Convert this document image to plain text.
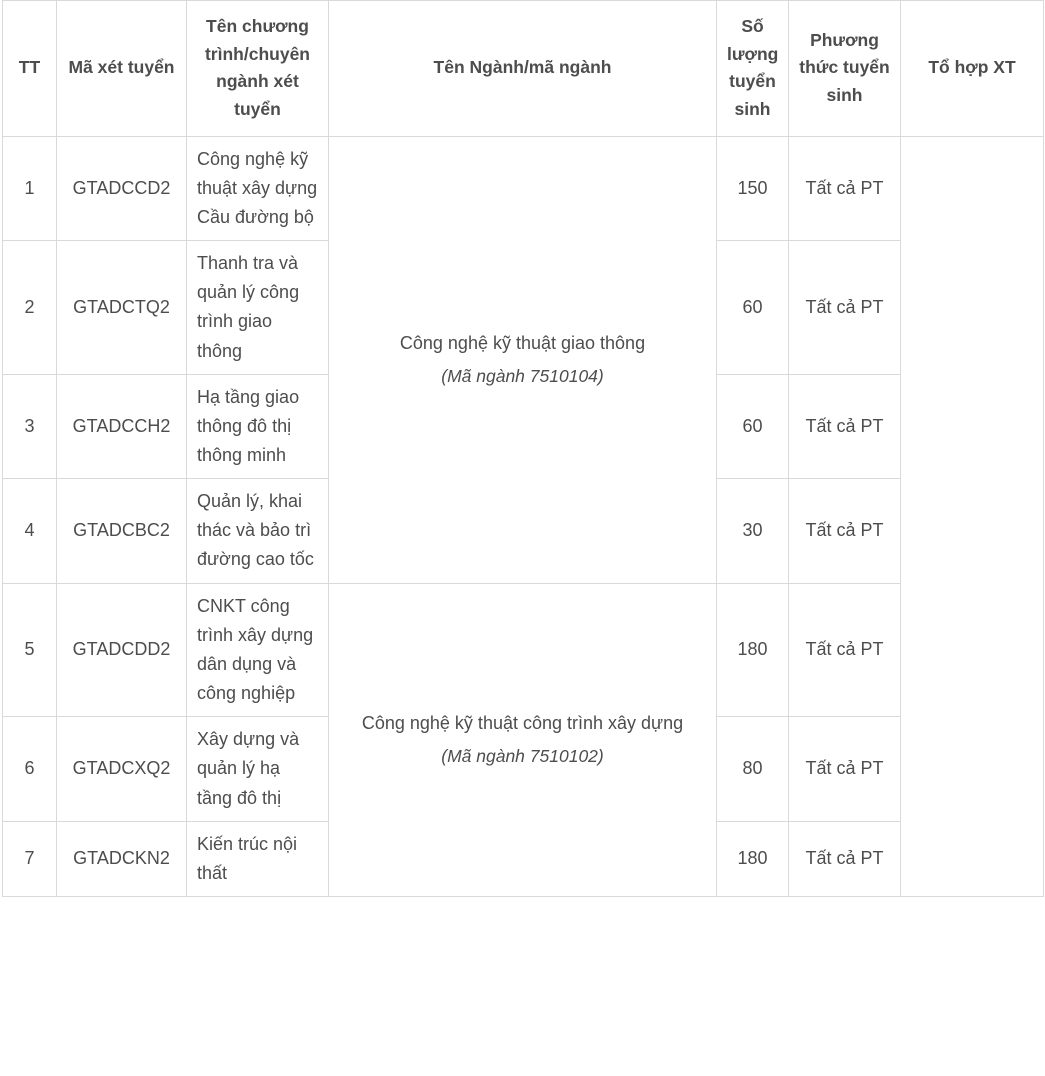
TT	Mã xét tuyển	Tên chương trình/chuyên ngành xét tuyển	Tên Ngành/mã ngành	Số lượng tuyển sinh	Phương thức tuyển sinh	Tổ hợp XT

1	GTADCCD2	Công nghệ kỹ thuật xây dựng Cầu đường bộ	Công nghệ kỹ thuật giao thông
(Mã ngành 7510104)	150	Tất cả PT	
2	GTADCTQ2	Thanh tra và quản lý công trình giao thông		60	Tất cả PT	
3	GTADCCH2	Hạ tầng giao thông đô thị thông minh		60	Tất cả PT	
4	GTADCBC2	Quản lý, khai thác và bảo trì đường cao tốc		30	Tất cả PT	
5	GTADCDD2	CNKT công trình xây dựng dân dụng và công nghiệp	Công nghệ kỹ thuật công trình xây dựng
(Mã ngành 7510102)	180	Tất cả PT	
6	GTADCXQ2	Xây dựng và quản lý hạ tầng đô thị		80	Tất cả PT	
7	GTADCKN2	Kiến trúc nội thất		180	Tất cả PT	
